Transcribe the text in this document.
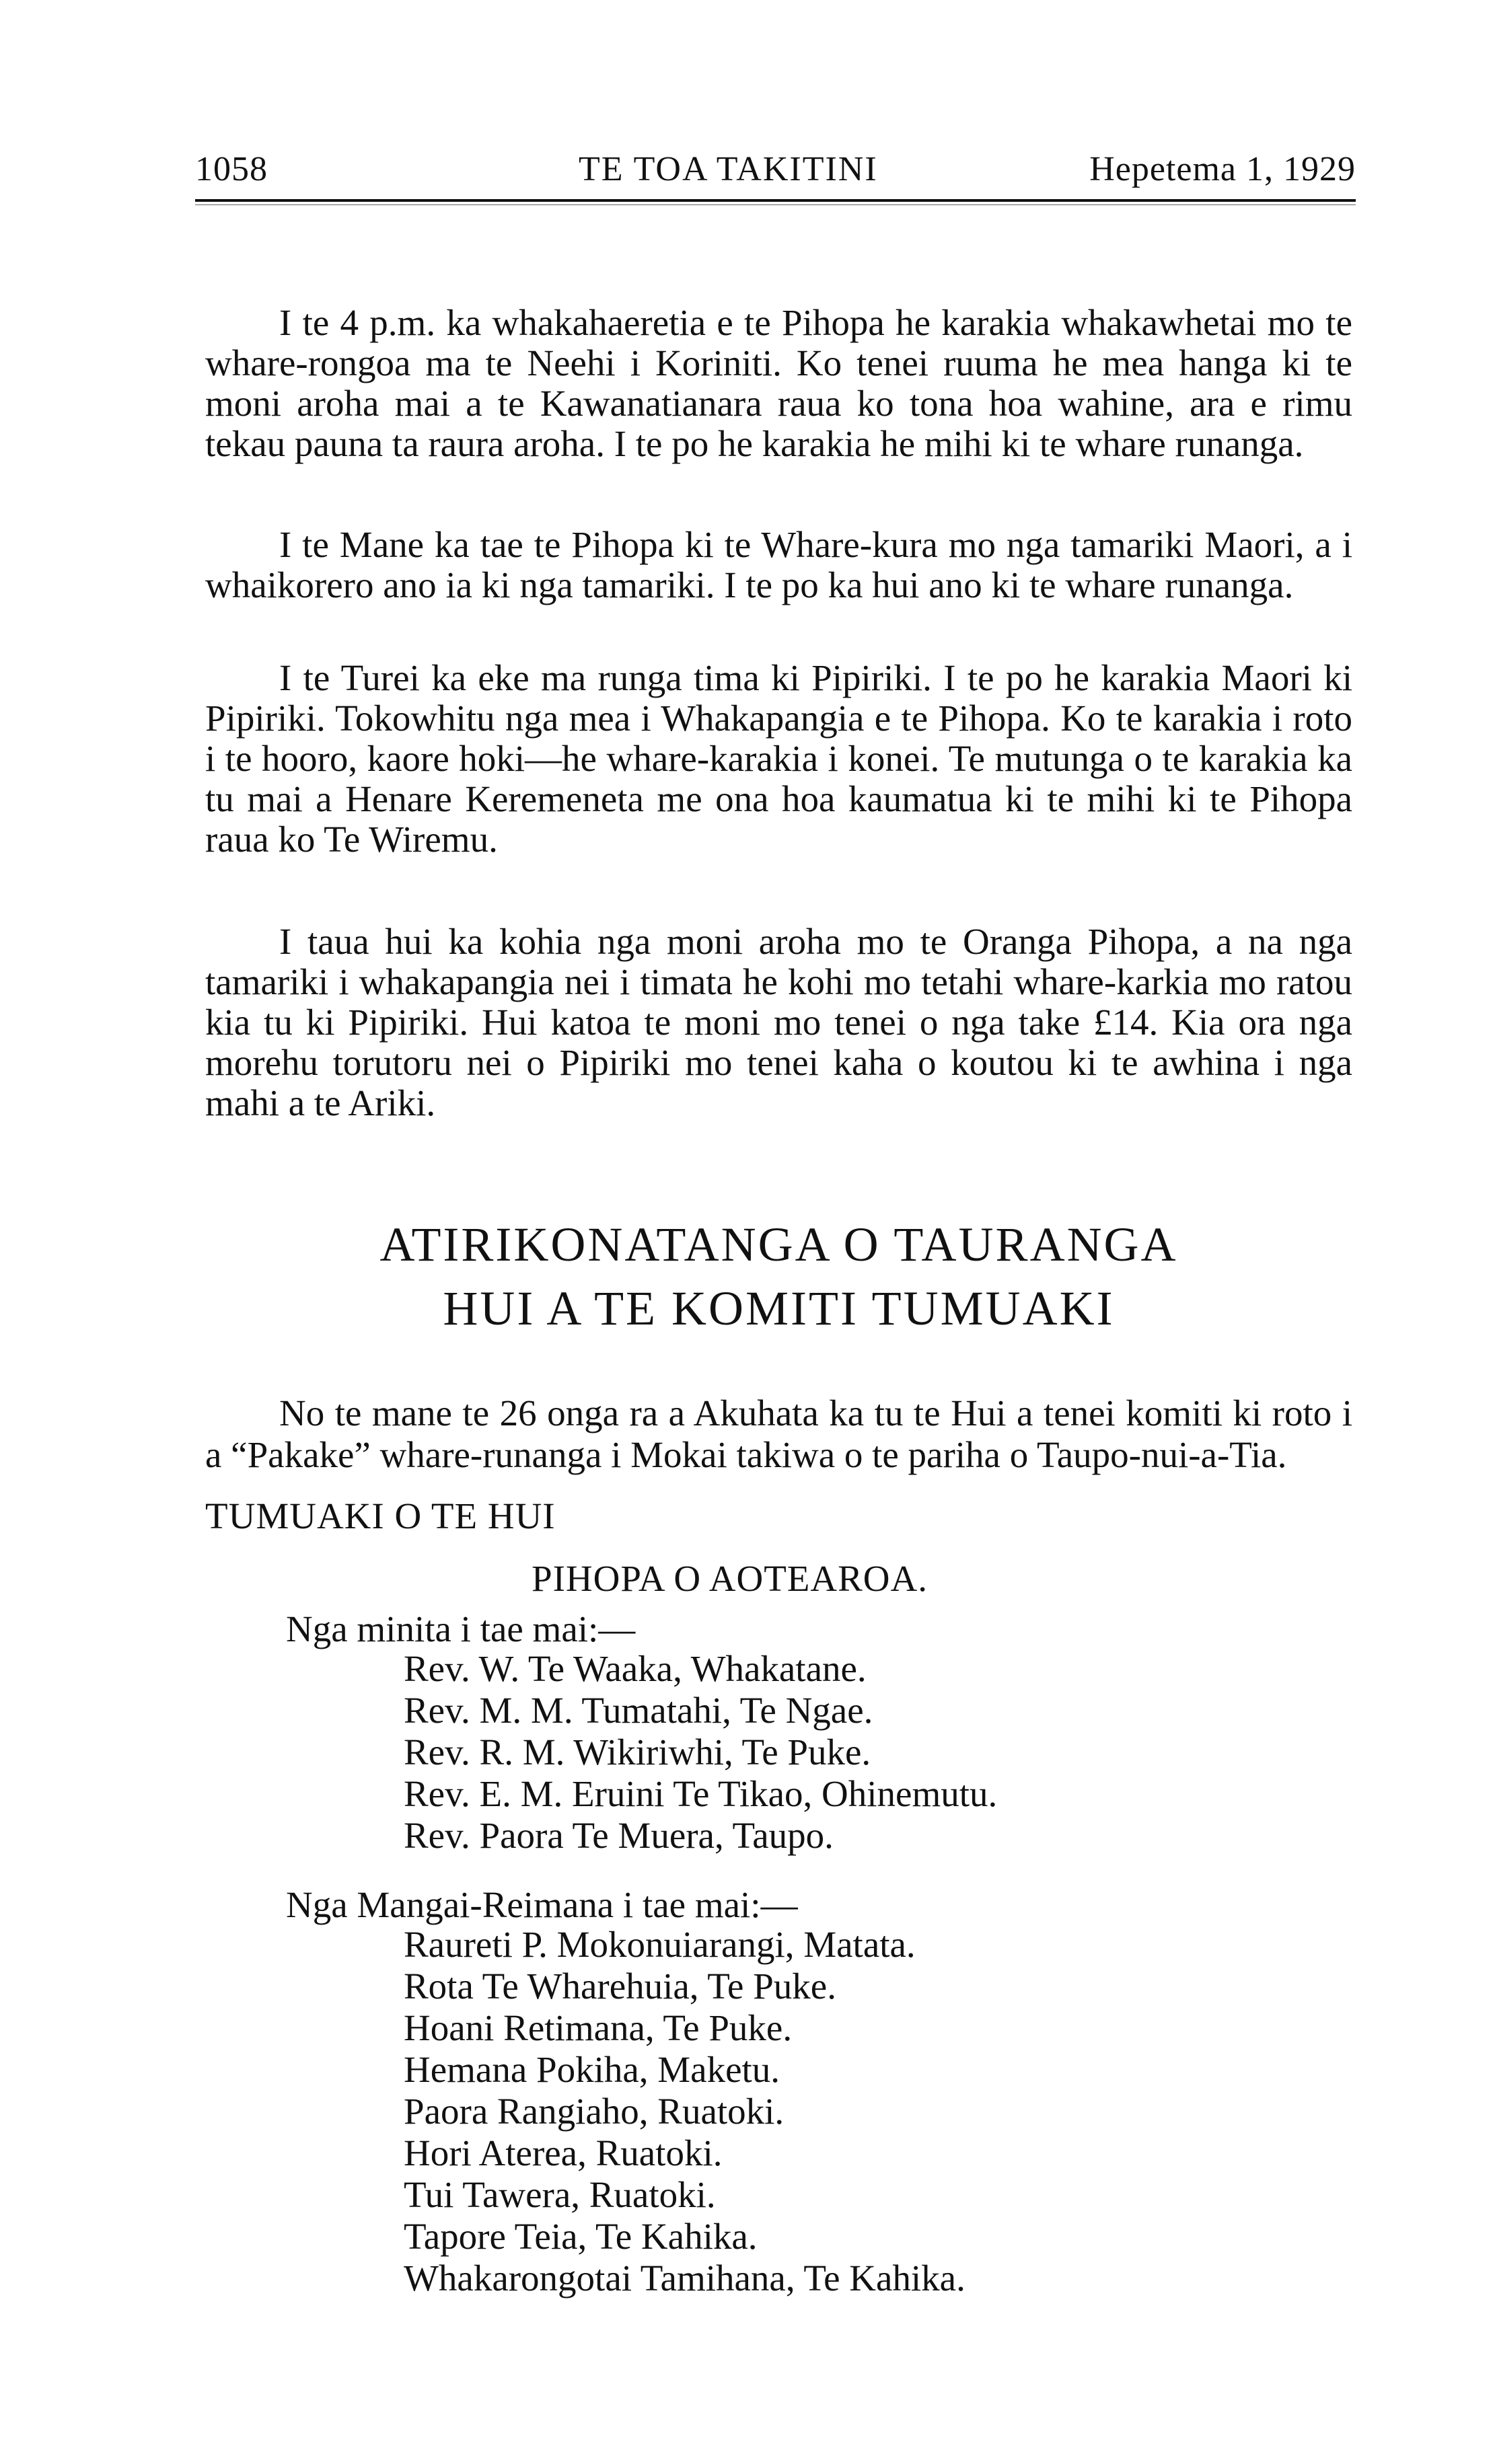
1058	TE TOA TAKITINI	Hepetema 1, 1929

I te 4 p.m. ka whakahaeretia e te Pihopa he karakia whakawhetai mo te whare-rongoa ma te Neehi i Koriniti. Ko tenei ruuma he mea hanga ki te moni aroha mai a te Kawanatianara raua ko tona hoa wahine, ara e rimu tekau pauna ta raura aroha. I te po he karakia he mihi ki te whare runanga.

I te Mane ka tae te Pihopa ki te Whare-kura mo nga tamariki Maori, a i whaikorero ano ia ki nga tamariki. I te po ka hui ano ki te whare runanga.

I te Turei ka eke ma runga tima ki Pipiriki. I te po he karakia Maori ki Pipiriki. Tokowhitu nga mea i Whakapangia e te Pihopa. Ko te karakia i roto i te hooro, kaore hoki—he whare-karakia i konei. Te mutunga o te karakia ka tu mai a Henare Keremeneta me ona hoa kaumatua ki te mihi ki te Pihopa raua ko Te Wiremu.

I taua hui ka kohia nga moni aroha mo te Oranga Pihopa, a na nga tamariki i whakapangia nei i timata he kohi mo tetahi whare-karkia mo ratou kia tu ki Pipiriki. Hui katoa te moni mo tenei o nga take £14. Kia ora nga morehu torutoru nei o Pipiriki mo tenei kaha o koutou ki te awhina i nga mahi a te Ariki.

ATIRIKONATANGA O TAURANGA
HUI A TE KOMITI TUMUAKI

No te mane te 26 onga ra a Akuhata ka tu te Hui a tenei komiti ki roto i a “Pakake” whare-runanga i Mokai takiwa o te pariha o Taupo-nui-a-Tia.

TUMUAKI O TE HUI
PIHOPA O AOTEAROA.
Nga minita i tae mai:—
Rev. W. Te Waaka, Whakatane.
Rev. M. M. Tumatahi, Te Ngae.
Rev. R. M. Wikiriwhi, Te Puke.
Rev. E. M. Eruini Te Tikao, Ohinemutu.
Rev. Paora Te Muera, Taupo.
Nga Mangai-Reimana i tae mai:—
Raureti P. Mokonuiarangi, Matata.
Rota Te Wharehuia, Te Puke.
Hoani Retimana, Te Puke.
Hemana Pokiha, Maketu.
Paora Rangiaho, Ruatoki.
Hori Aterea, Ruatoki.
Tui Tawera, Ruatoki.
Tapore Teia, Te Kahika.
Whakarongotai Tamihana, Te Kahika.
